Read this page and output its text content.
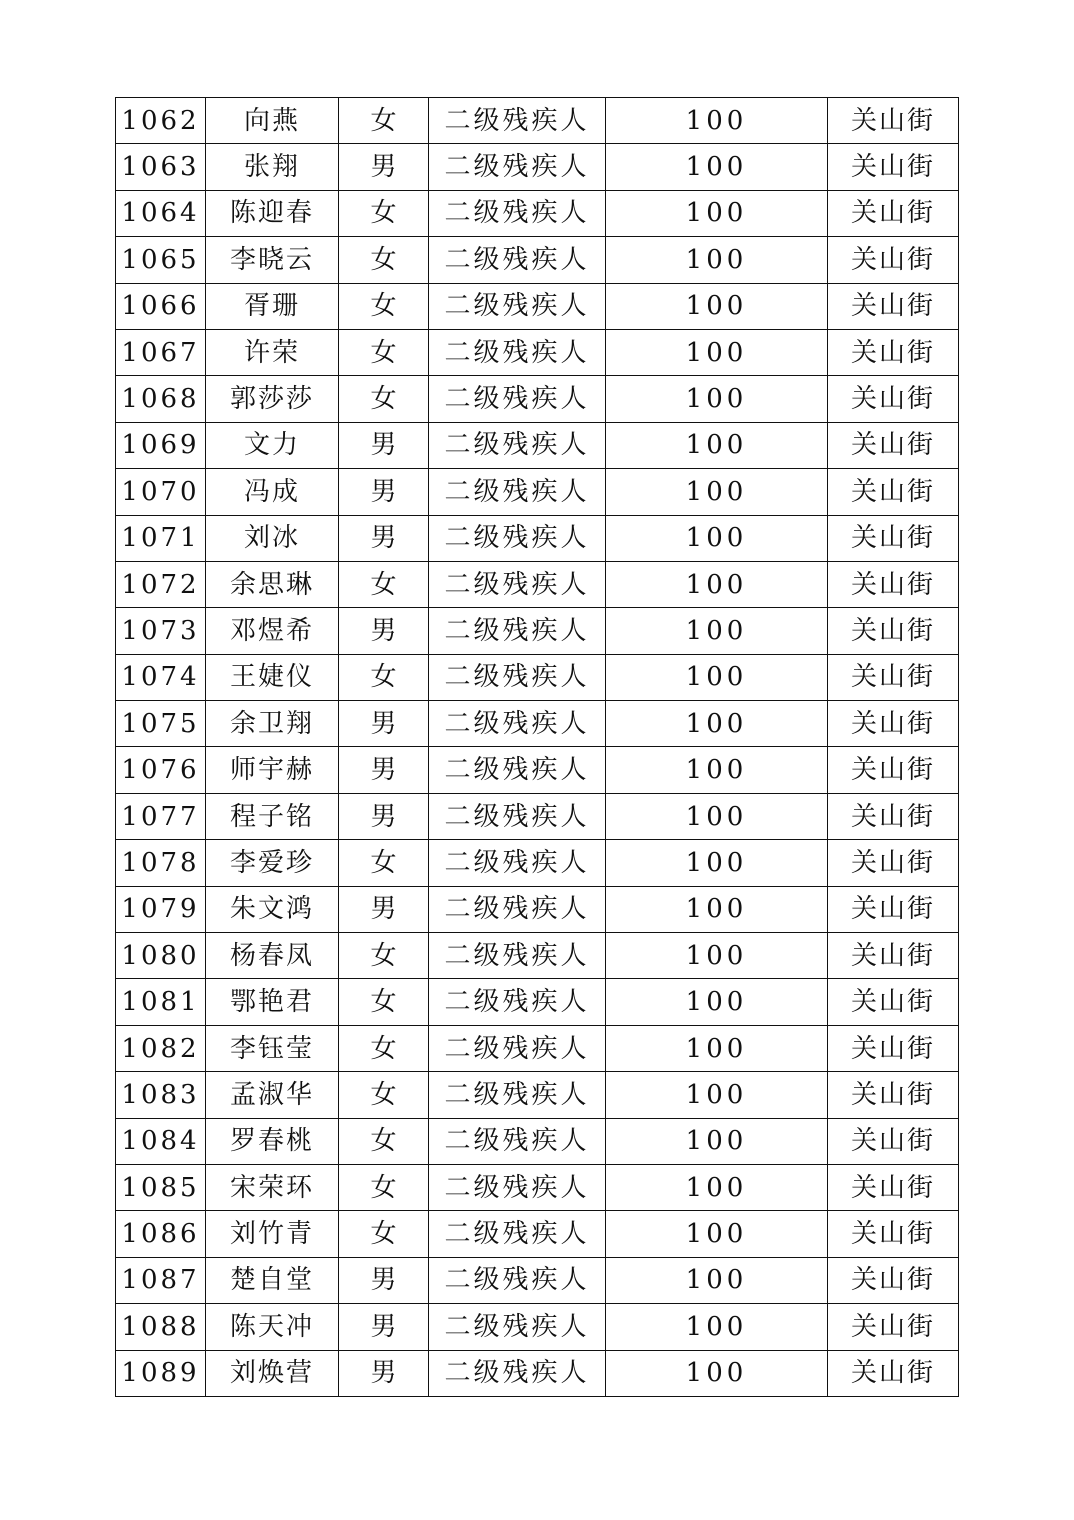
1062	向燕	女	二级残疾人	100	关山街
1063	张翔	男	二级残疾人	100	关山街
1064	陈迎春	女	二级残疾人	100	关山街
1065	李晓云	女	二级残疾人	100	关山街
1066	胥珊	女	二级残疾人	100	关山街
1067	许荣	女	二级残疾人	100	关山街
1068	郭莎莎	女	二级残疾人	100	关山街
1069	文力	男	二级残疾人	100	关山街
1070	冯成	男	二级残疾人	100	关山街
1071	刘冰	男	二级残疾人	100	关山街
1072	余思琳	女	二级残疾人	100	关山街
1073	邓煜希	男	二级残疾人	100	关山街
1074	王婕仪	女	二级残疾人	100	关山街
1075	余卫翔	男	二级残疾人	100	关山街
1076	师宇赫	男	二级残疾人	100	关山街
1077	程子铭	男	二级残疾人	100	关山街
1078	李爱珍	女	二级残疾人	100	关山街
1079	朱文鸿	男	二级残疾人	100	关山街
1080	杨春凤	女	二级残疾人	100	关山街
1081	鄂艳君	女	二级残疾人	100	关山街
1082	李钰莹	女	二级残疾人	100	关山街
1083	孟淑华	女	二级残疾人	100	关山街
1084	罗春桃	女	二级残疾人	100	关山街
1085	宋荣环	女	二级残疾人	100	关山街
1086	刘竹青	女	二级残疾人	100	关山街
1087	楚自堂	男	二级残疾人	100	关山街
1088	陈天冲	男	二级残疾人	100	关山街
1089	刘焕营	男	二级残疾人	100	关山街
